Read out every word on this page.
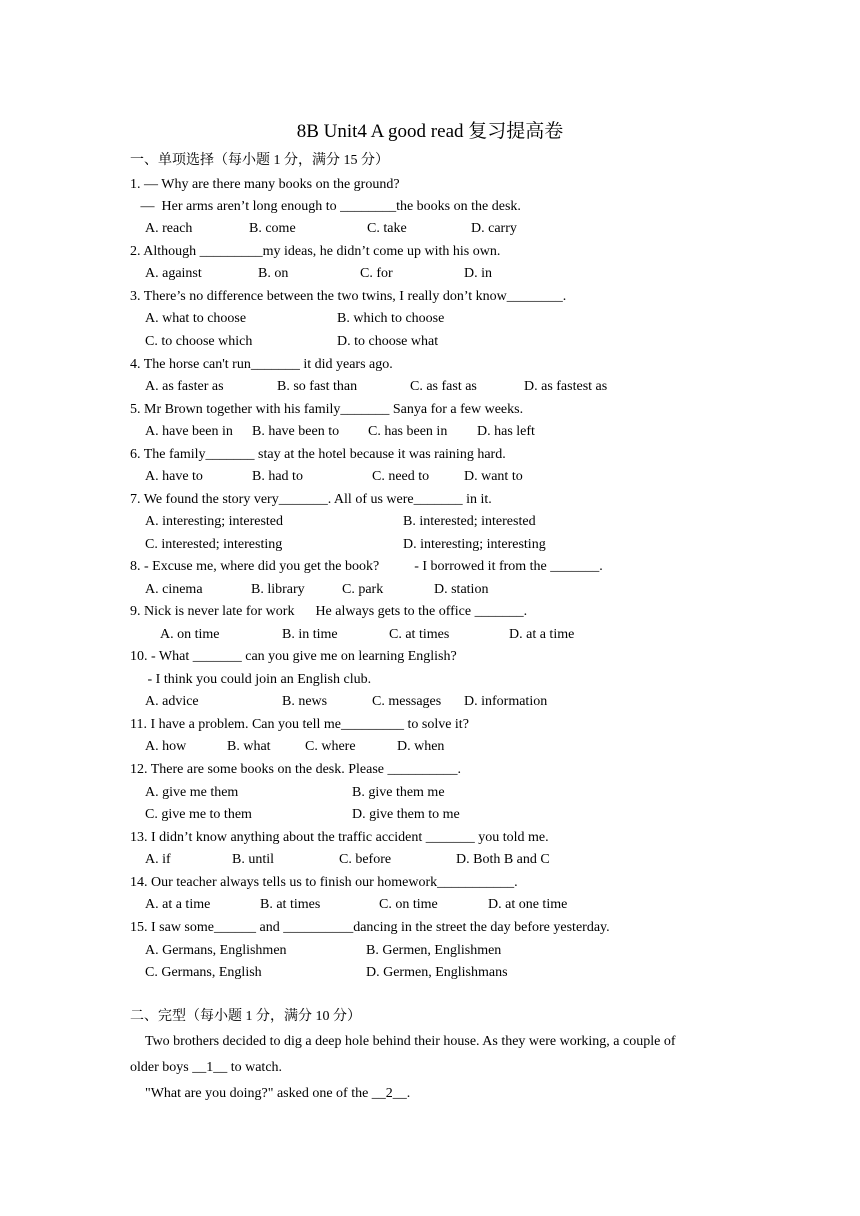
8B Unit4 A good read 复习提高卷
一、单项选择（每小题 1 分，满分 15 分）
1. — Why are there many books on the ground?
—  Her arms aren’t long enough to ________the books on the desk.
A. reach	B. come	C. take	D. carry
2. Although _________my ideas, he didn’t come up with his own.
A. against	B. on	C. for	D. in
3. There’s no difference between the two twins, I really don’t know________.
A. what to choose	B. which to choose
C. to choose which	D. to choose what
4. The horse can't run_______ it did years ago.
A. as faster as	B. so fast than	C. as fast as	D. as fastest as
5. Mr Brown together with his family_______ Sanya for a few weeks.
A. have been in B. have been to C. has been in D. has left
6. The family_______ stay at the hotel because it was raining hard.
A. have to	B. had to	C. need to D. want to
7. We found the story very_______. All of us were_______ in it.
A. interesting; interested	B. interested; interested
C. interested; interesting	D. interesting; interesting
8. - Excuse me, where did you get the book?          - I borrowed it from the _______.
A. cinema	B. library	C. park	D. station
9. Nick is never late for work      He always gets to the office _______.
A. on time	B. in time	C. at times	D. at a time
10. - What _______ can you give me on learning English?
- I think you could join an English club.
A. advice	B. news	C. messages D. information
11. I have a problem. Can you tell me_________ to solve it?
A. how	B. what C. where	D. when
12. There are some books on the desk. Please __________.
A. give me them	B. give them me
C. give me to them	D. give them to me
13. I didn’t know anything about the traffic accident _______ you told me.
A. if	B. until	C. before	D. Both B and C
14. Our teacher always tells us to finish our homework___________.
A. at a time	B. at times	C. on time	D. at one time
15. I saw some______ and __________dancing in the street the day before yesterday.
A. Germans, Englishmen	B. Germen, Englishmen
C. Germans, English	D. Germen, Englishmans
二、完型（每小题 1 分，满分 10 分）
Two brothers decided to dig a deep hole behind their house. As they were working, a couple of
older boys __1__ to watch.
"What are you doing?" asked one of the __2__.
